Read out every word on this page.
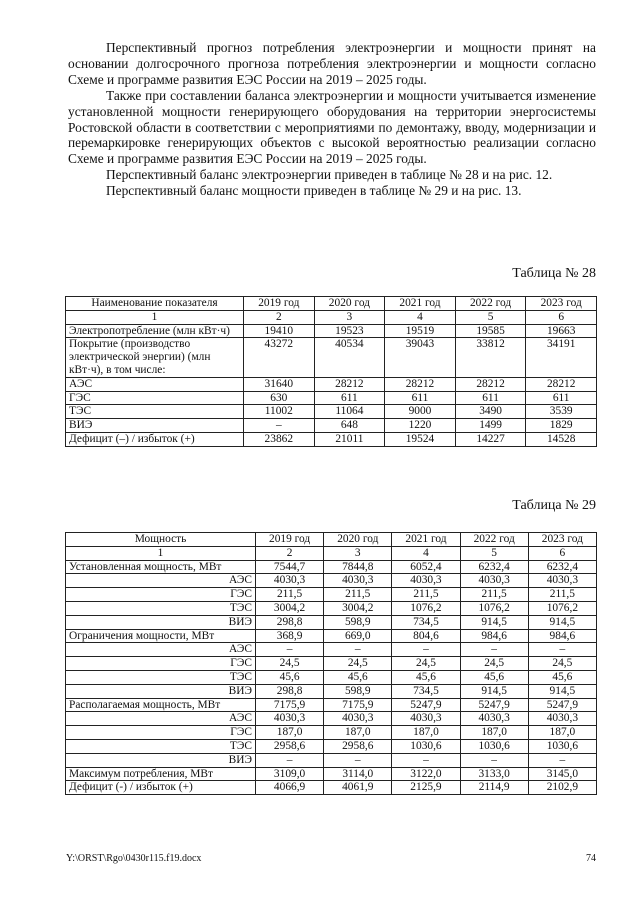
Перспективный прогноз потребления электроэнергии и мощности принят на основании долгосрочного прогноза потребления электроэнергии и мощности согласно Схеме и программе развития ЕЭС России на 2019 – 2025 годы.

Также при составлении баланса электроэнергии и мощности учитывается изменение установленной мощности генерирующего оборудования на территории энергосистемы Ростовской области в соответствии с мероприятиями по демонтажу, вводу, модернизации и перемаркировке генерирующих объектов с высокой вероятностью реализации согласно Схеме и программе развития ЕЭС России на 2019 – 2025 годы.

Перспективный баланс электроэнергии приведен в таблице № 28 и на рис. 12.

Перспективный баланс мощности приведен в таблице № 29 и на рис. 13.

Таблица № 28
Наименование показателя	2019 год	2020 год	2021 год	2022 год	2023 год
1	2	3	4	5	6
Электропотребление (млн кВт·ч)	19410	19523	19519	19585	19663
Покрытие (производство электрической энергии) (млн кВт·ч), в том числе:	43272	40534	39043	33812	34191
АЭС	31640	28212	28212	28212	28212
ГЭС	630	611	611	611	611
ТЭС	11002	11064	9000	3490	3539
ВИЭ	–	648	1220	1499	1829
Дефицит (–) / избыток (+)	23862	21011	19524	14227	14528
Таблица № 29
Мощность	2019 год	2020 год	2021 год	2022 год	2023 год
1	2	3	4	5	6
Установленная мощность, МВт	7544,7	7844,8	6052,4	6232,4	6232,4
АЭС	4030,3	4030,3	4030,3	4030,3	4030,3
ГЭС	211,5	211,5	211,5	211,5	211,5
ТЭС	3004,2	3004,2	1076,2	1076,2	1076,2
ВИЭ	298,8	598,9	734,5	914,5	914,5
Ограничения мощности, МВт	368,9	669,0	804,6	984,6	984,6
АЭС	–	–	–	–	–
ГЭС	24,5	24,5	24,5	24,5	24,5
ТЭС	45,6	45,6	45,6	45,6	45,6
ВИЭ	298,8	598,9	734,5	914,5	914,5
Располагаемая мощность, МВт	7175,9	7175,9	5247,9	5247,9	5247,9
АЭС	4030,3	4030,3	4030,3	4030,3	4030,3
ГЭС	187,0	187,0	187,0	187,0	187,0
ТЭС	2958,6	2958,6	1030,6	1030,6	1030,6
ВИЭ	–	–	–	–	–
Максимум потребления, МВт	3109,0	3114,0	3122,0	3133,0	3145,0
Дефицит (-) / избыток (+)	4066,9	4061,9	2125,9	2114,9	2102,9
Y:\ORST\Rgo\0430r115.f19.docx	74
